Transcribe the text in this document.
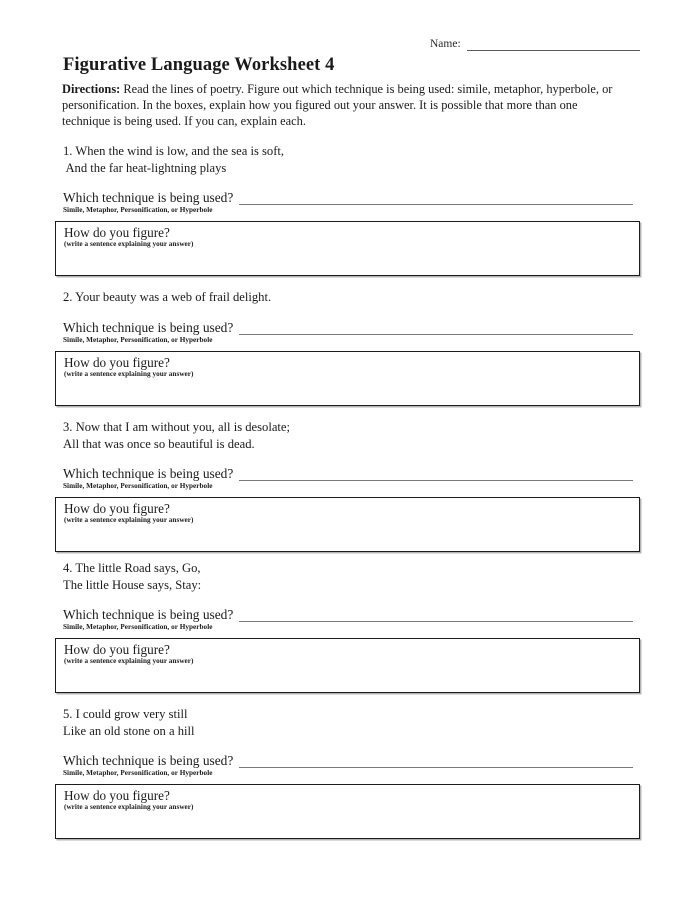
Name:
Figurative Language Worksheet 4
Directions: Read the lines of poetry. Figure out which technique is being used: simile, metaphor, hyperbole, or personification. In the boxes, explain how you figured out your answer. It is possible that more than one technique is being used. If you can, explain each.
1. When the wind is low, and the sea is soft,
And the far heat-lightning plays
Which technique is being used?
Simile, Metaphor, Personification, or Hyperbole
How do you figure?
(write a sentence explaining your answer)
2. Your beauty was a web of frail delight.
Which technique is being used?
Simile, Metaphor, Personification, or Hyperbole
How do you figure?
(write a sentence explaining your answer)
3. Now that I am without you, all is desolate;
All that was once so beautiful is dead.
Which technique is being used?
Simile, Metaphor, Personification, or Hyperbole
How do you figure?
(write a sentence explaining your answer)
4. The little Road says, Go,
The little House says, Stay:
Which technique is being used?
Simile, Metaphor, Personification, or Hyperbole
How do you figure?
(write a sentence explaining your answer)
5. I could grow very still
Like an old stone on a hill
Which technique is being used?
Simile, Metaphor, Personification, or Hyperbole
How do you figure?
(write a sentence explaining your answer)
